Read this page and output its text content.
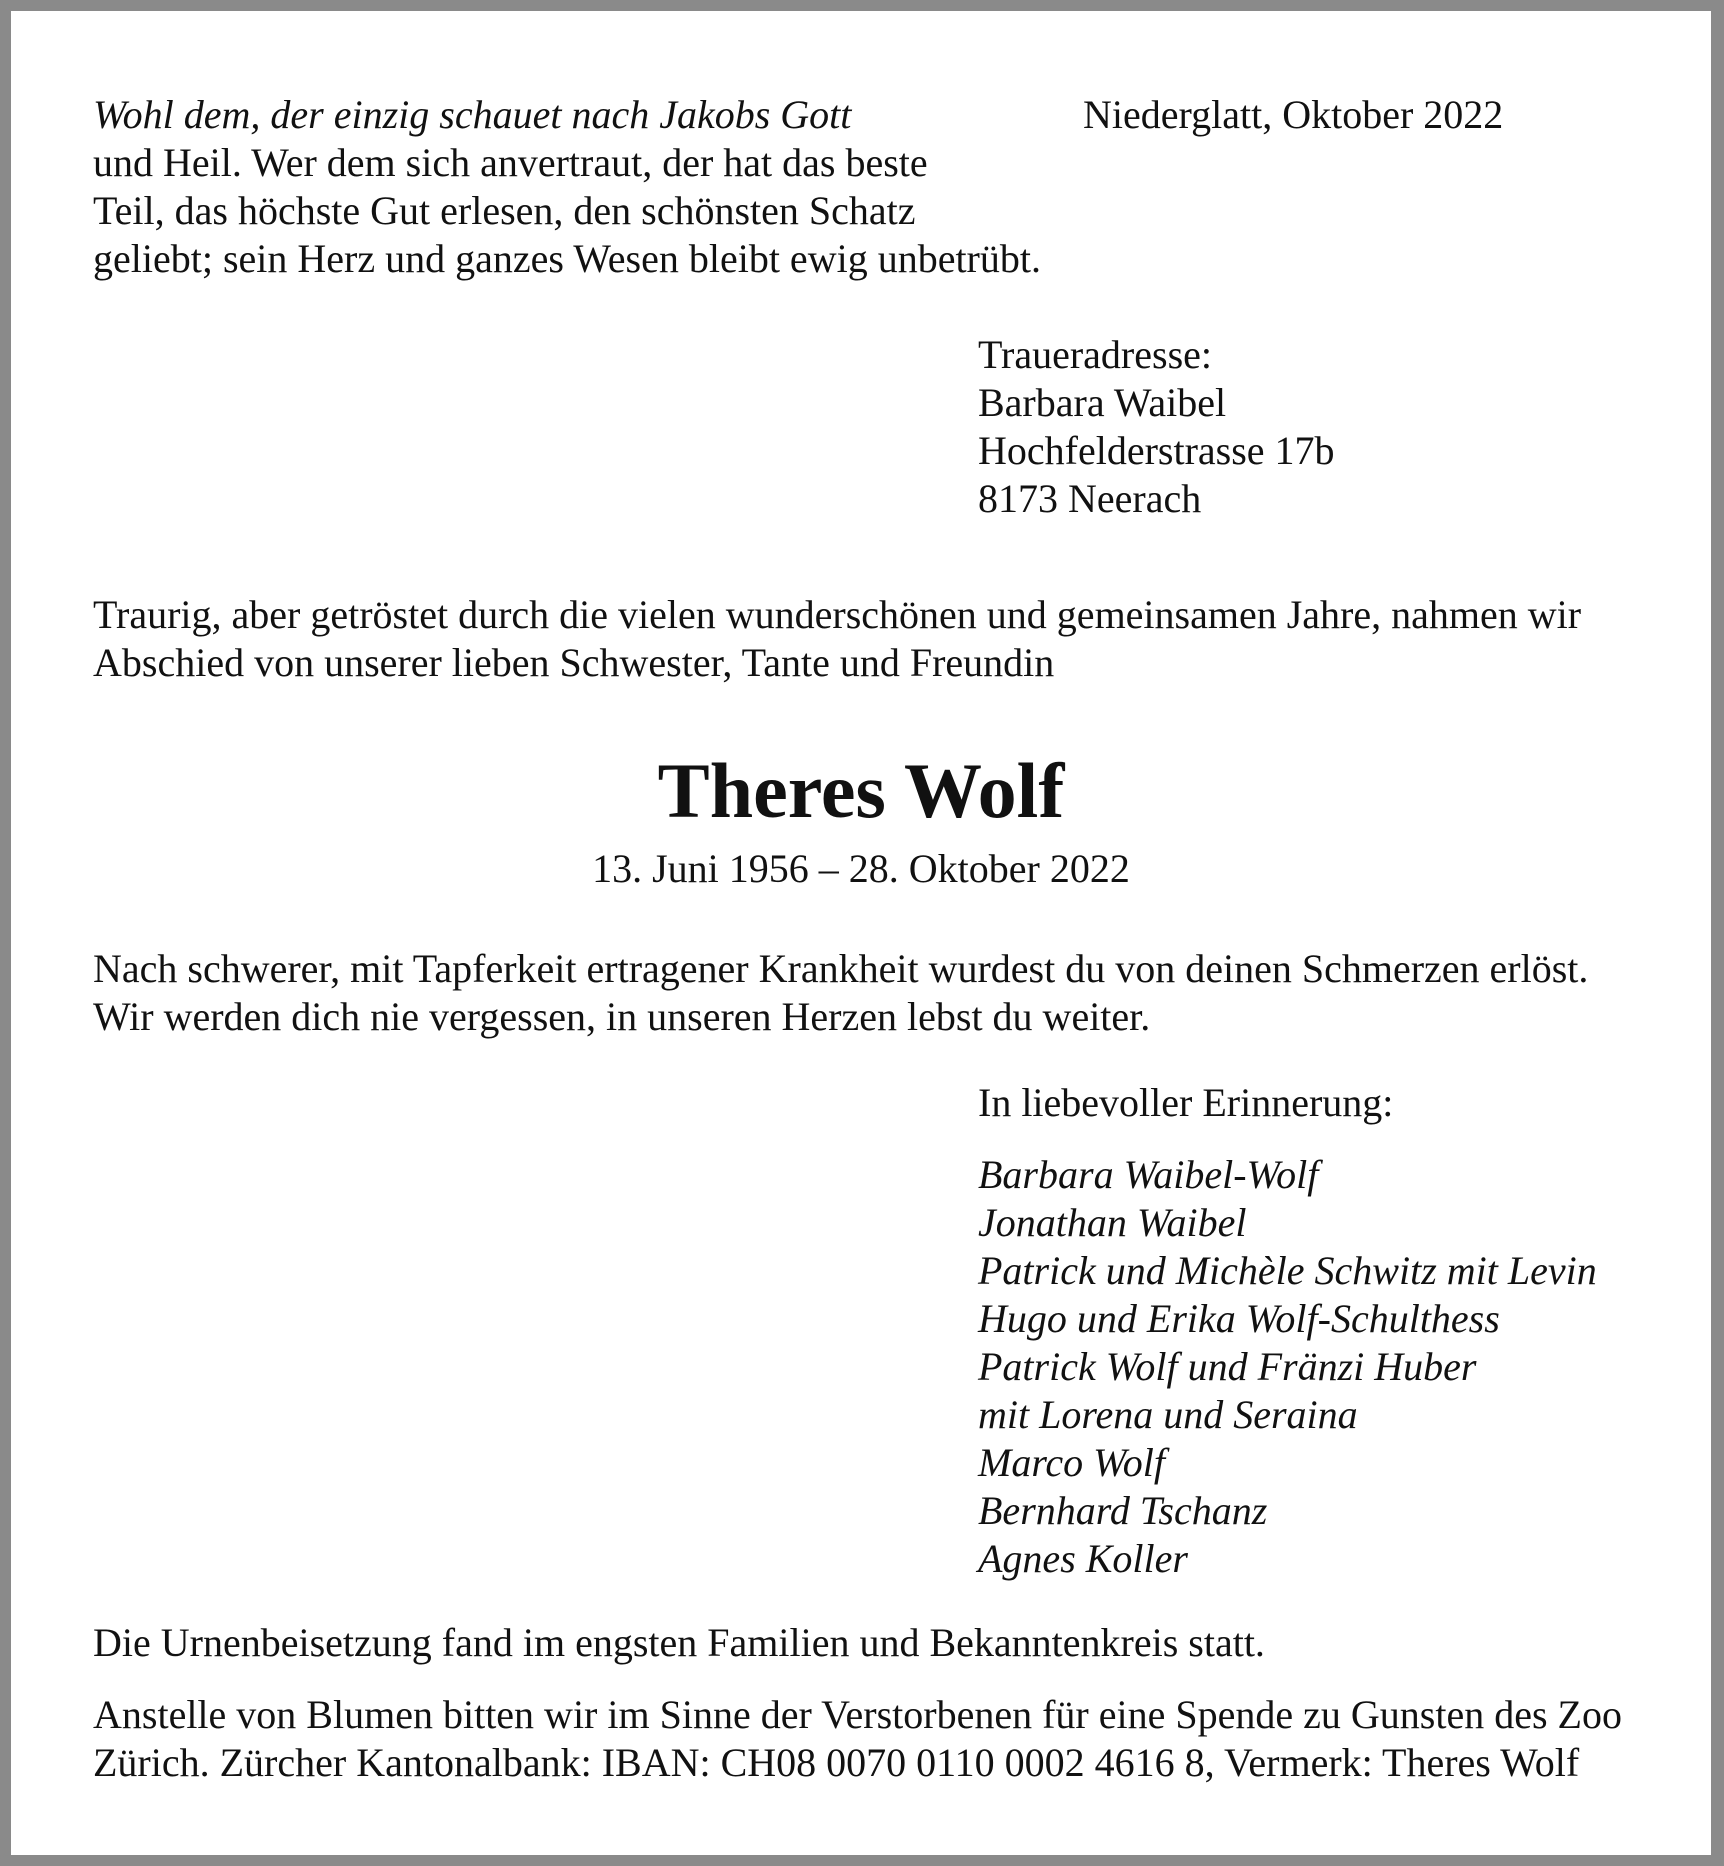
Wohl dem, der einzig schauet nach Jakobs Gott	Niederglatt, Oktober 2022

und Heil. Wer dem sich anvertraut, der hat das beste

Teil, das höchste Gut erlesen, den schönsten Schatz

geliebt; sein Herz und ganzes Wesen bleibt ewig unbetrübt.

Traueradresse:

Barbara Waibel

Hochfelderstrasse 17b

8173 Neerach

Traurig, aber getröstet durch die vielen wunderschönen und gemeinsamen Jahre, nahmen wir

Abschied von unserer lieben Schwester, Tante und Freundin

Theres Wolf

13. Juni 1956 – 28. Oktober 2022

Nach schwerer, mit Tapferkeit ertragener Krankheit wurdest du von deinen Schmerzen erlöst.

Wir werden dich nie vergessen, in unseren Herzen lebst du weiter.

In liebevoller Erinnerung:

Barbara Waibel-Wolf
Jonathan Waibel
Patrick und Michèle Schwitz mit Levin
Hugo und Erika Wolf-Schulthess
Patrick Wolf und Fränzi Huber
mit Lorena und Seraina
Marco Wolf
Bernhard Tschanz
Agnes Koller

Die Urnenbeisetzung fand im engsten Familien und Bekanntenkreis statt.

Anstelle von Blumen bitten wir im Sinne der Verstorbenen für eine Spende zu Gunsten des Zoo

Zürich. Zürcher Kantonalbank: IBAN: CH08 0070 0110 0002 4616 8, Vermerk: Theres Wolf
